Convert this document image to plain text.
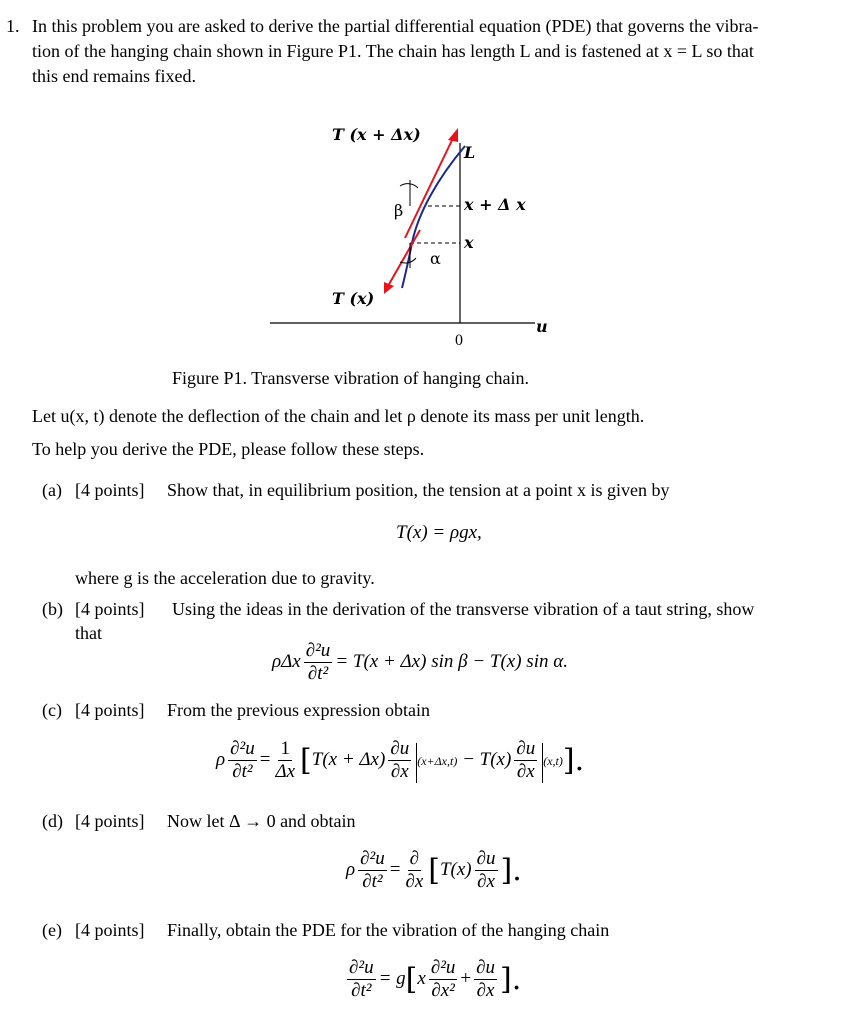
1. In this problem you are asked to derive the partial differential equation (PDE) that governs the vibra-
tion of the hanging chain shown in Figure P1. The chain has length L and is fastened at x = L so that
this end remains fixed.
T (x + Δx)
L
β	x + Δ x
x
α
T (x)
u
0
Figure P1. Transverse vibration of hanging chain.
Let u(x, t) denote the deflection of the chain and let ρ denote its mass per unit length.
To help you derive the PDE, please follow these steps.
(a) [4 points] Show that, in equilibrium position, the tension at a point x is given by
T(x) = ρgx,
where g is the acceleration due to gravity.
(b) [4 points] Using the ideas in the derivation of the transverse vibration of a taut string, show
that
ρΔx $\frac{\text{∂²u}}{\text{∂t²}} = T(x + \Delta x)$ sin β − T(x) sin α.
(c) [4 points] From the previous expression obtain
ρ $\frac{\text{∂²u}}{\text{∂t²}} = \frac{1}{\Delta x} [T(x + \Delta x) \frac{\partial u}{\partial x} (x+\Delta x,t) - T(x) \frac{\partial u}{\partial x} (x,t)]$.
(d) [4 points] Now let Δ → 0 and obtain
ρ $\frac{\text{∂²u}}{\text{∂t²}} = \frac{\partial}{\partial x} [T(x) \frac{\partial u}{\partial x}$ ].
(e) [4 points] Finally, obtain the PDE for the vibration of the hanging chain
$\frac{\text{∂²u}}{\text{∂t²}} = g[x \frac{\text{∂²u}}{\text{∂x²}} + \frac{\partial u}{\partial x}$ ].
